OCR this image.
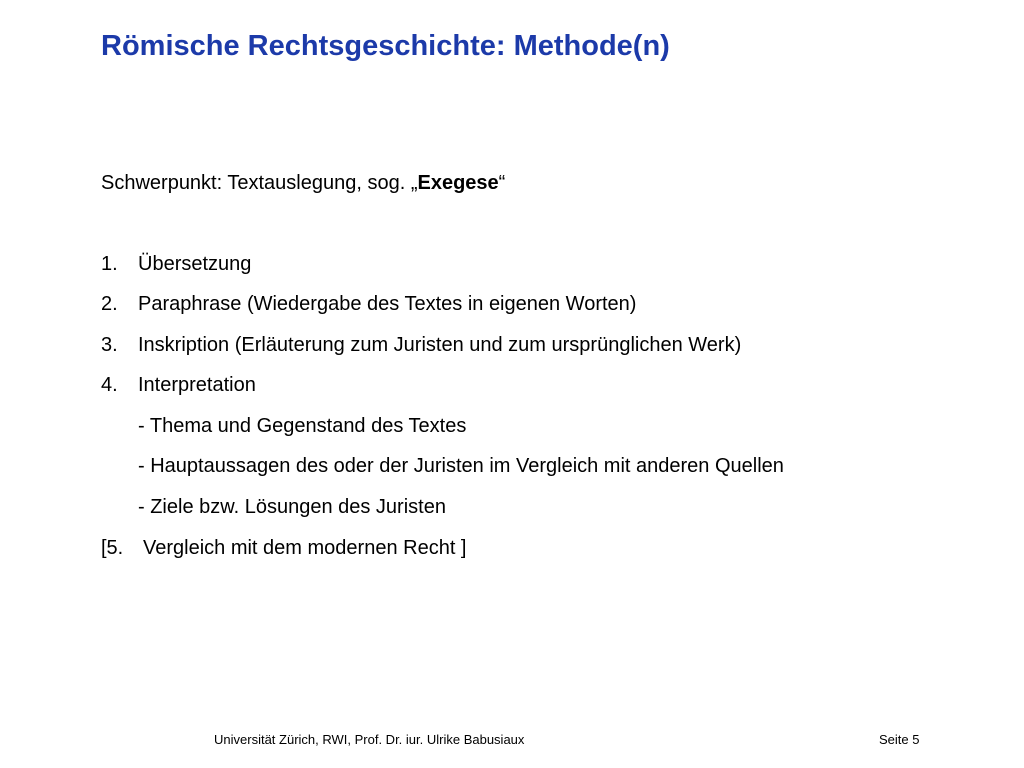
Römische Rechtsgeschichte: Methode(n)
Schwerpunkt: Textauslegung, sog. „Exegese“
1. Übersetzung
2. Paraphrase (Wiedergabe des Textes in eigenen Worten)
3. Inskription (Erläuterung zum Juristen und zum ursprünglichen Werk)
4. Interpretation
- Thema und Gegenstand des Textes
- Hauptaussagen des oder der Juristen im Vergleich mit anderen Quellen
- Ziele bzw. Lösungen des Juristen
[5. Vergleich mit dem modernen Recht ]
Universität Zürich, RWI, Prof. Dr. iur. Ulrike Babusiaux	Seite 5
